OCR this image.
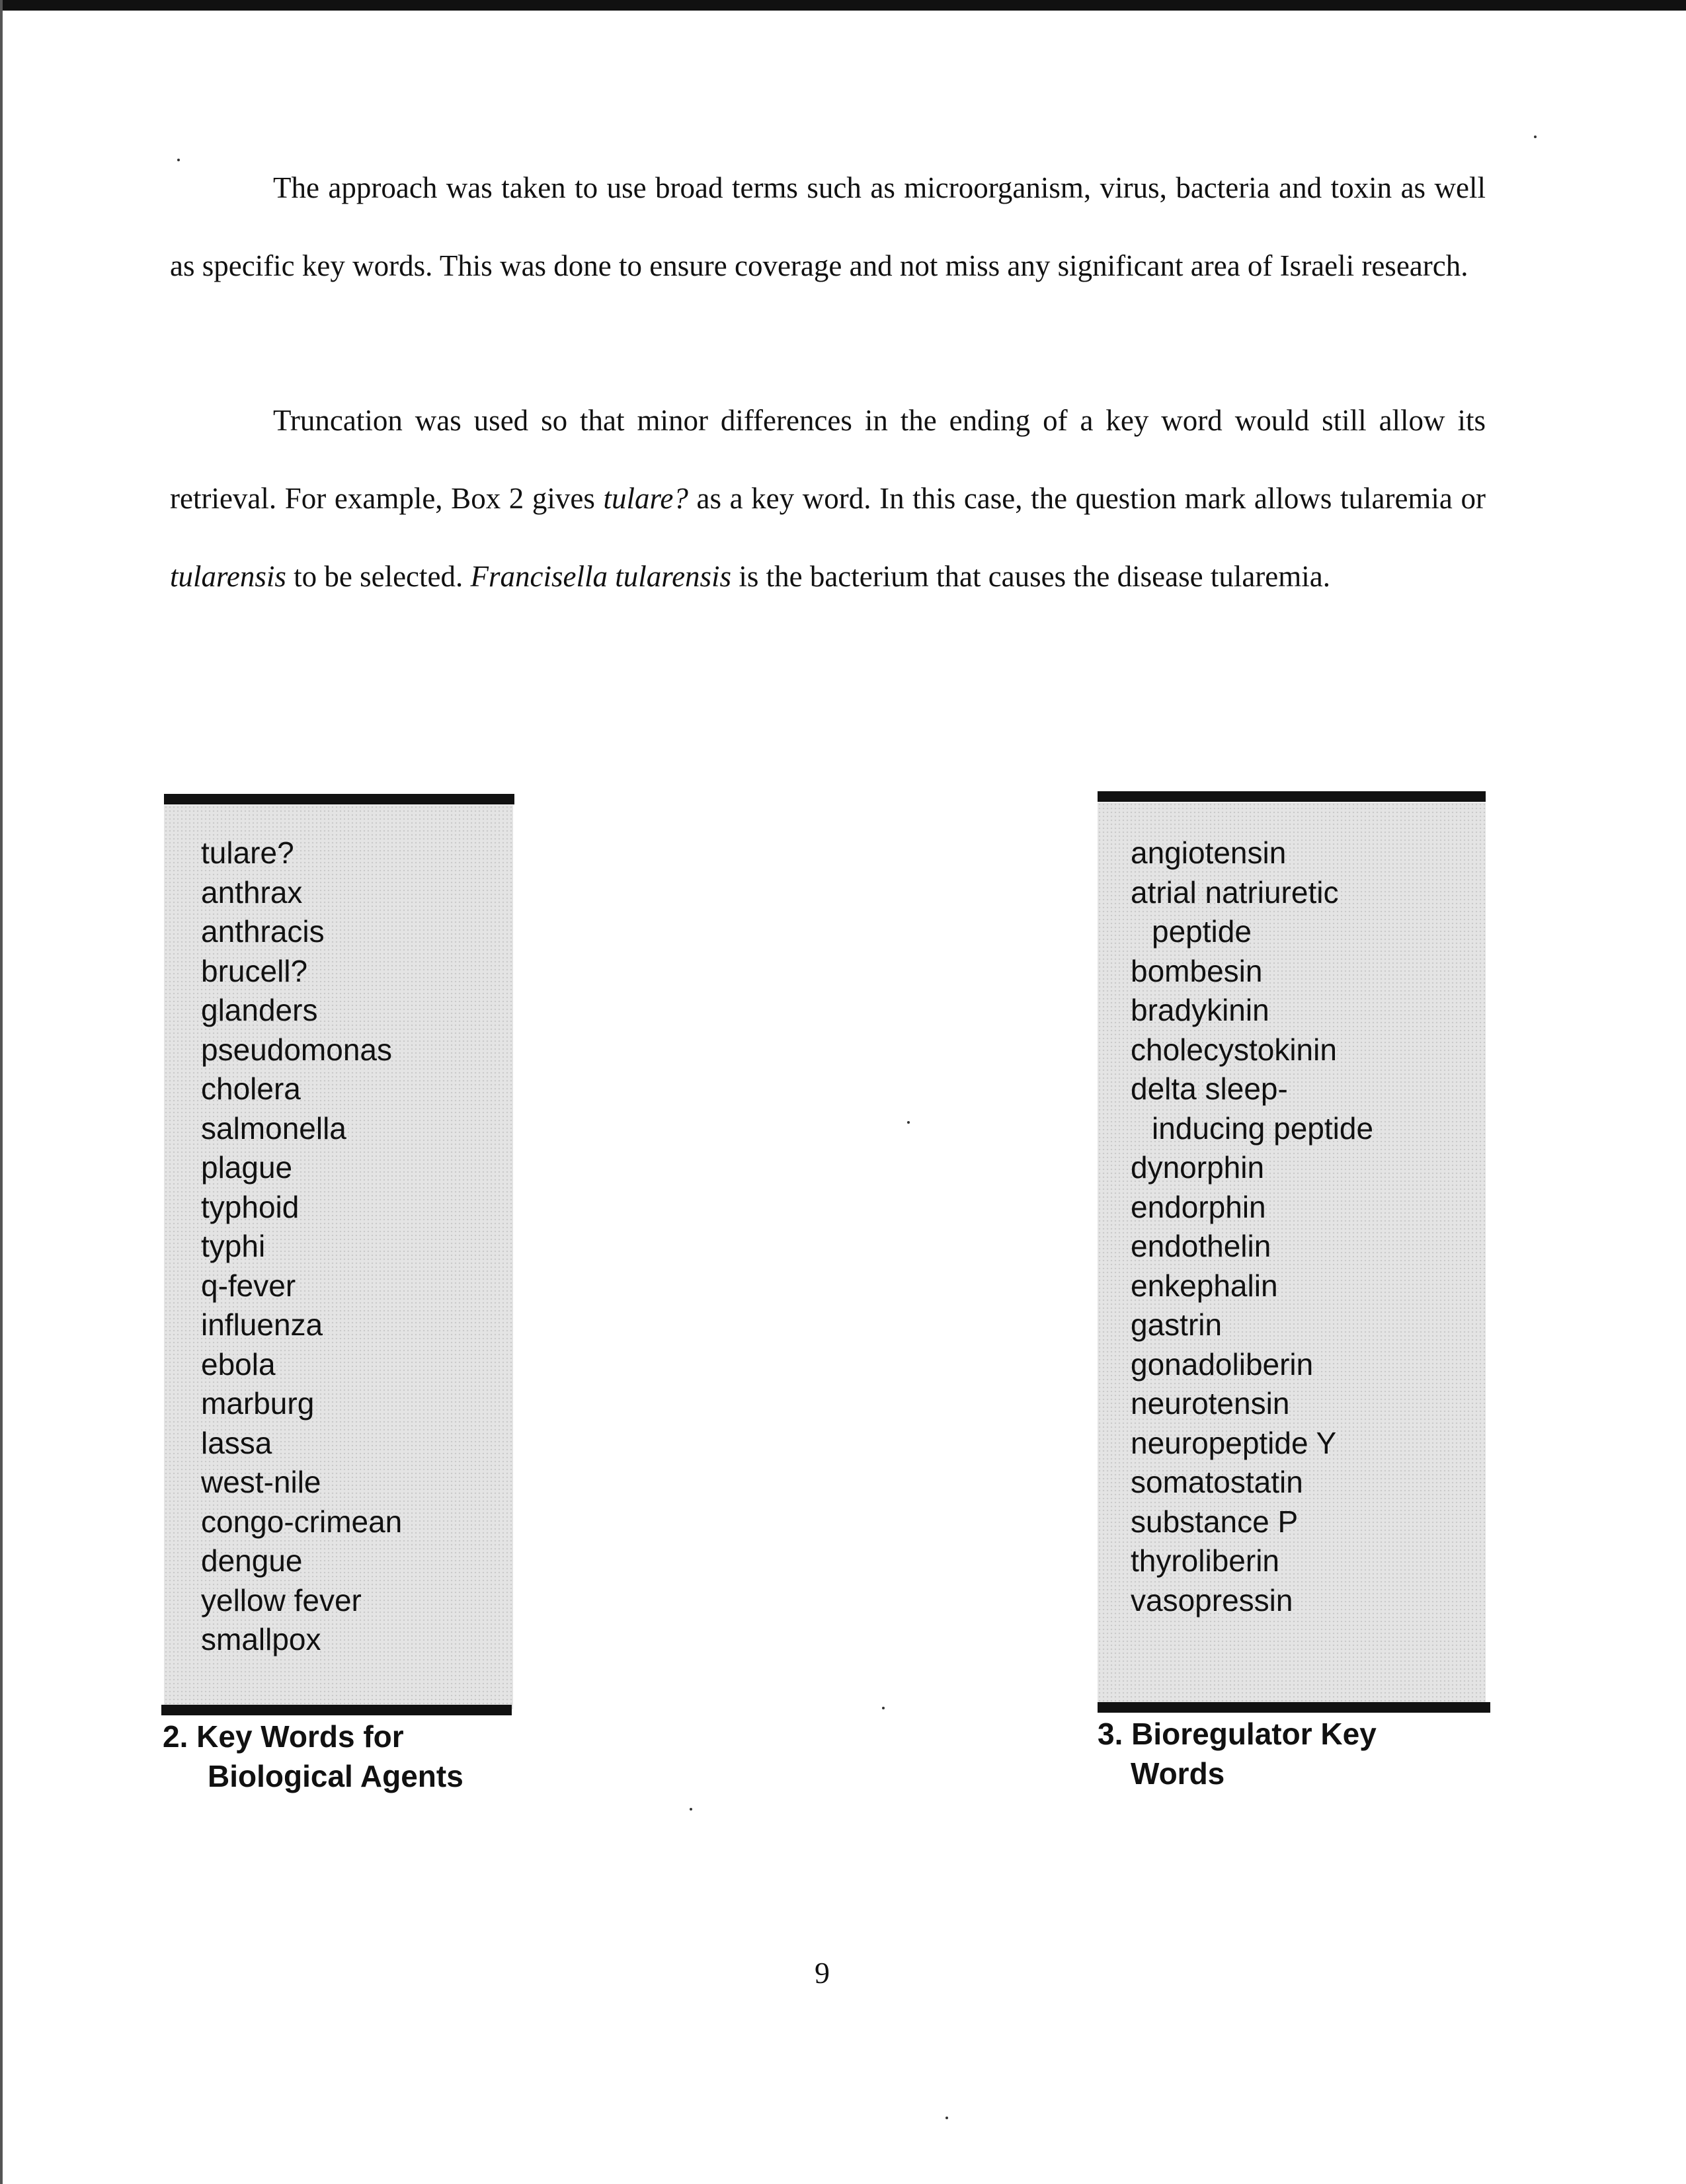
The approach was taken to use broad terms such as microorganism, virus, bacteria and toxin as well as specific key words. This was done to ensure coverage and not miss any significant area of Israeli research.

Truncation was used so that minor differences in the ending of a key word would still allow its retrieval. For example, Box 2 gives tulare? as a key word. In this case, the question mark allows tularemia or tularensis to be selected. Francisella tularensis is the bacterium that causes the disease tularemia.

tulare?
anthrax
anthracis
brucell?
glanders
pseudomonas
cholera
salmonella
plague
typhoid
typhi
q-fever
influenza
ebola
marburg
lassa
west-nile
congo-crimean
dengue
yellow fever
smallpox

2. Key Words for
Biological Agents

angiotensin
atrial natriuretic
peptide
bombesin
bradykinin
cholecystokinin
delta sleep-
inducing peptide
dynorphin
endorphin
endothelin
enkephalin
gastrin
gonadoliberin
neurotensin
neuropeptide Y
somatostatin
substance P
thyroliberin
vasopressin

3. Bioregulator Key
Words

9
